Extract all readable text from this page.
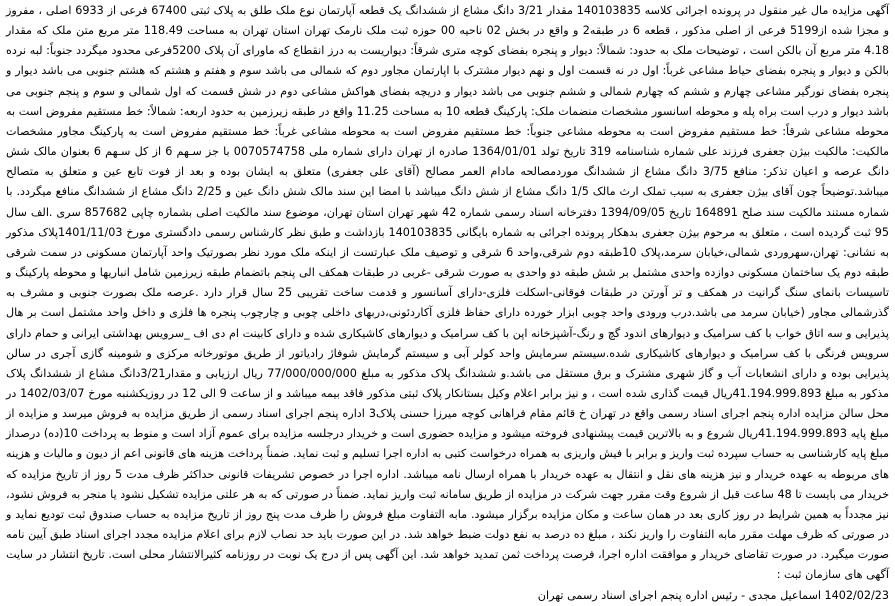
آگهی مزایده مال غیر منقول در پرونده اجرائی کلاسه 140103835 مقدار 3/21 دانگ مشاع از ششدانگ یک قطعه آپارتمان نوع ملک طلق به پلاک ثبتی 67400 فرعی از 6933 اصلی ، مفروز و مجزا شده از5199 فرعی از اصلی مذکور ، قطعه 6 در طبقه2 و واقع در بخش 02 ناحیه 00 حوزه ثبت ملک نارمک تهران استان تهران به مساحت 118.49 متر مربع متن ملک که مقدار 4.18 متر مربع آن بالکن است ، توضیحات ملک به حدود: شمالاً: دیوار و پنجره بفضای کوچه متری شرقاً: دیواریست به درز انقطاع که ماورای آن پلاک 5200فرعی محدود میگردد جنوباً: لبه نرده بالکن و دیوار و پنجره بفضای حیاط مشاعی غرباً: اول در نه قسمت اول و نهم دیوار مشترک با اپارتمان مجاور دوم که شمالی می باشد سوم و هفتم و هشتم که هشتم جنوبی می باشد دیوار و پنجره بفضای نورگیر مشاعی چهارم و ششم که چهارم شمالی و ششم جنوبی می باشد دیوار و دریچه بفضای هواکش مشاعی دوم در شش قسمت که اول شمالی و سوم و پنجم جنوبی می باشد دیوار و درب است براه پله و محوطه اسانسور مشخصات منضمات ملک: پارکینگ قطعه 10 به مساحت 11.25 واقع در طبقه زیرزمین به حدود اربعه: شمالاً: خط مستقیم مفروض است به محوطه مشاعی شرقاً: خط مستقیم مفروض است به محوطه مشاعی جنوباً: خط مستقیم مفروض است به محوطه مشاعی غرباً: خط مستقیم مفروض است به پارکینگ مجاور مشخصات مالکیت: مالکیت بیژن جعفری فرزند علی شماره شناسنامه 319 تاریخ تولد 1364/01/01 صادره از تهران دارای شماره ملی 0070574758 با جز سـهم 6 از کل سـهم 6 بعنوان مالک شش دانگ عرصه و اعیان تذکر: منافع 3/75 دانگ مشاع از ششدانگ موردمصالحه مادام العمر مصالح (آقای علی جعفری) متعلق به ایشان بوده و بعد از فوت تابع عین و متعلق به متصالح میباشد.توضیحاً چون آقای بیژن جعفری به سبب تملک ارث مالک 1/5 دانگ مشاع از شش دانگ میباشد با امضا این سند مالک شش دانگ عین و 2/25 دانگ مشاع از ششدانگ منافع میگردد. با شماره مستند مالکیت سند صلح 164891 تاریخ 1394/09/05 دفترخانه اسناد رسمی شماره 42 شهر تهران استان تهران، موضوع سند مالکیت اصلی بشماره چاپی 857682 سری .الف سال 95 ثبت گردیده است ، متعلق به مرحوم بیژن جعفری بدهکار پرونده اجرائی به شماره بایگانی 140103835 بازداشت و طبق نظر کارشناس رسمی دادگستری مورخ 1401/11/03پلاک مذکور به نشانی: تهران،سهروردی شمالی،خیابان سرمد،پلاک 10طبقه دوم شرقی،واحد 6 شرقی و توصیف ملک عبارتست از اینکه ملک مورد نظر بصورتیک واحد آپارتمان مسکونی در سمت شرقی طبقه دوم یک ساختمان مسکونی دوازده واحدی مشتمل بر شش طبقه دو واحدی به صورت شرقی -غربی در طبقات همکف الی پنجم باتضمام طبقه زیرزمین شامل انباریها و محوطه پارکینگ و تاسیسات بانمای سنگ گرانیت در همکف و تر آورتن در طبقات فوقانی-اسکلت فلزی-دارای آسانسور و قدمت ساخت تقریبی 25 سال قرار دارد .عرصه ملک بصورت جنوبی و مشرف به گذرشمالی مجاور (خیابان سرمد می باشد.درب ورودی واحد چوبی ابزار خورده دارای حفاظ فلزی آکاردئونی،دربهای داخلی چوبی و چارچوب پنجره ها فلزی و داخل واحد مشتمل است بر هال پذیرایی و سه اتاق خواب با کف سرامیک و دیوارهای اندود گچ و رنگ-آشپزخانه اپن با کف سرامیک و دیوارهای کاشیکاری شده و دارای کابینت ام دی اف _سرویس بهداشتی ایرانی و حمام دارای سرویس فرنگی با کف سرامیک و دیوارهای کاشیکاری شده.سیستم سرمایش واحد کولر آبی و سیستم گرمایش شوفاژ رادیاتور از طریق موتورخانه مرکزی و شومینه گازی آجری در سالن پذیرایی بوده و دارای انشعابات آب و گاز شهری مشترک و برق مستقل می باشد.و ششدانگ پلاک مذکور به مبلغ 77/000/000/000 ریال ارزیابی و مقدار3/21دانگ مشاع از ششدانگ پلاک مذکور به مبلغ 41.194.999.893ریال قیمت گذاری شده است ، و نیز برابر اعلام وکیل بستانکار پلاک ثبتی مذکور فاقد بیمه میباشد و از ساعت 9 الی 12 در روزیکشنبه مورخ 1402/03/07 در محل سالن مزایده اداره پنجم اجرای اسناد رسمی واقع در تهران خ قائم مقام فراهانی کوچه میرزا حسنی پلاک3 اداره پنجم اجرای اسناد رسمی از طریق مزایده به فروش میرسد و مزایده از مبلغ پایه 41.194.999.893ریال شروع و به بالاترین قیمت پیشنهادی فروخته میشود و مزایده حضوری است و خریدار درجلسه مزایده برای عموم آزاد است و منوط به پرداخت 10(ده) درصداز مبلغ پایه کارشناسی به حساب سپرده ثبت واریز و برابر با فیش واریزی به همراه درخواست کتبی به اداره اجرا تسلیم و ثبت نماید. ضمناً پرداخت هزینه های قانونی اعم از دیون و مالیات و هزینه های مربوطه به عهده خریدار و نیز هزینه های نقل و انتقال به عهده خریدار با همراه ارسال نامه میباشد. اداره اجرا در خصوص تشریفات قانونی حداکثر ظرف مدت 5 روز از تاریخ مزایده که خریدار می بایست تا 48 ساعت قبل از شروع وقت مقرر جهت شرکت در مزایده از طریق سامانه ثبت واریز نماید. ضمناً در صورتی که به هر علتی مزایده تشکیل نشود یا منجر به فروش نشود، نیز مجدداً به همین شرایط در روز کاری بعد در همان ساعت و مکان مزایده برگزار میشود. مابه التفاوت مبلغ فروش را ظرف مدت پنج روز از تاریخ مزایده به حساب صندوق ثبت تودیع نماید و در صورتی که ظرف مهلت مقرر مابه التفاوت را واریز نکند ، مبلغ ده درصد به نفع دولت ضبط خواهد شد. در این صورت باید حد نصاب لازم برای اعلام مزایده مجدد اجرای اسناد طبق آیین نامه صورت میگیرد. در صورت تقاضای خریدار و موافقت اداره اجرا، فرصت پرداخت ثمن تمدید خواهد شد. این آگهی پس از درج یک نوبت در روزنامه کثیرالانتشار محلی است. تاریخ انتشار در سایت آگهی های سازمان ثبت :

1402/02/23 اسماعیل مجدی - رئیس اداره پنجم اجرای اسناد رسمی تهران
